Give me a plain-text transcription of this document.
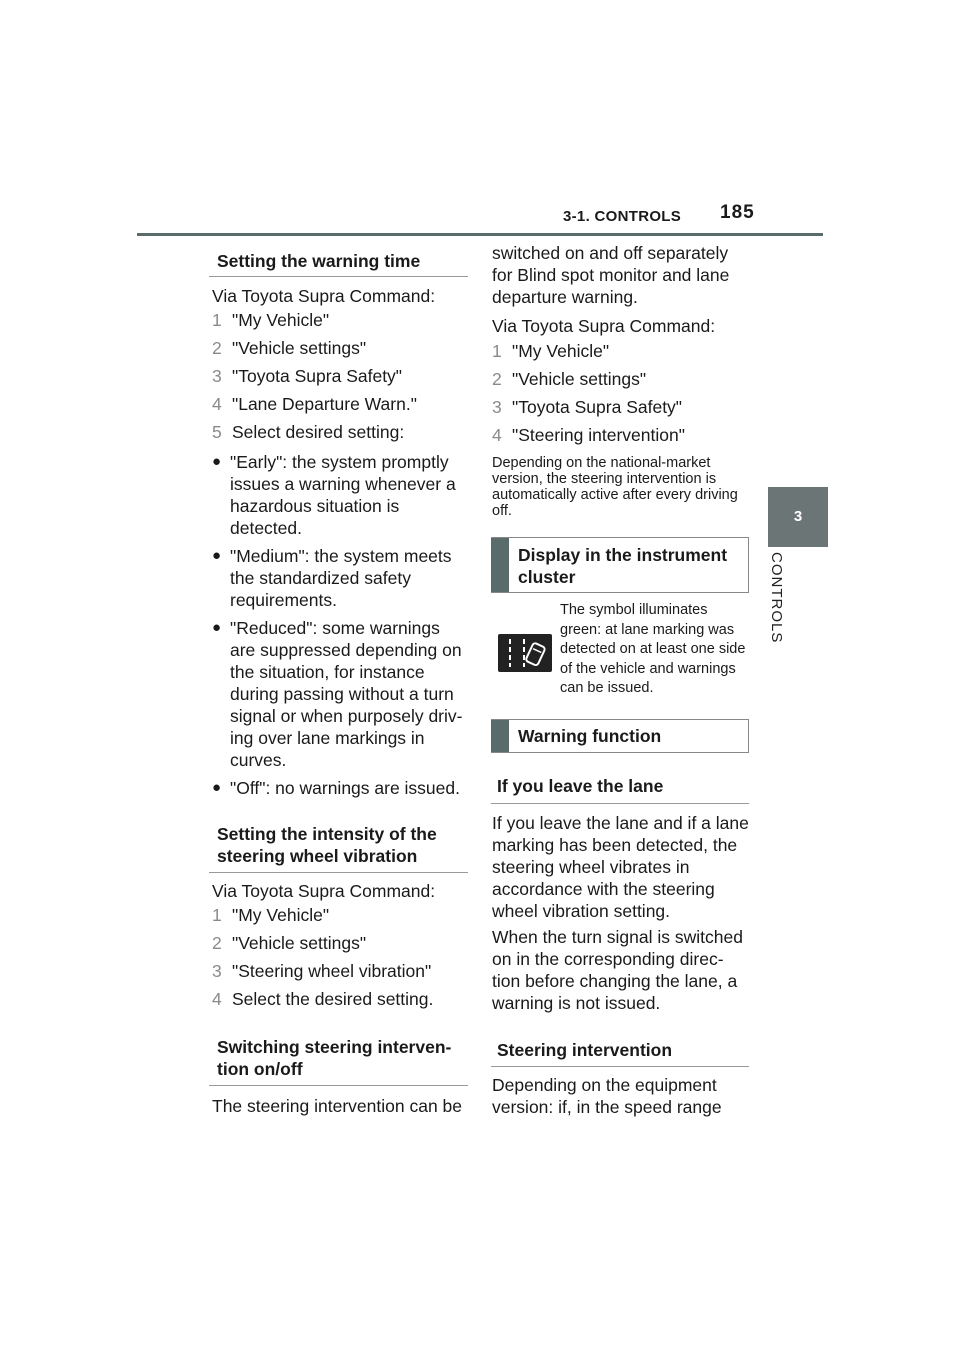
3-1. CONTROLS 185
3
CONTROLS
Setting the warning time
Via Toyota Supra Command:
1 "My Vehicle"
2 "Vehicle settings"
3 "Toyota Supra Safety"
4 "Lane Departure Warn."
5 Select desired setting:
● "Early": the system promptly issues a warning whenever a hazardous situation is detected.
● "Medium": the system meets the standardized safety requirements.
● "Reduced": some warnings are suppressed depending on the situation, for instance during passing without a turn signal or when purposely driv-ing over lane markings in curves.
● "Off": no warnings are issued.
Setting the intensity of the steering wheel vibration
Via Toyota Supra Command:
1 "My Vehicle"
2 "Vehicle settings"
3 "Steering wheel vibration"
4 Select the desired setting.
Switching steering interven-tion on/off
The steering intervention can be
switched on and off separately for Blind spot monitor and lane departure warning.
Via Toyota Supra Command:
1 "My Vehicle"
2 "Vehicle settings"
3 "Toyota Supra Safety"
4 "Steering intervention"
Depending on the national-market version, the steering intervention is automatically active after every driving off.
Display in the instrument cluster
The symbol illuminates green: at lane marking was detected on at least one side of the vehicle and warnings can be issued.
Warning function
If you leave the lane
If you leave the lane and if a lane marking has been detected, the steering wheel vibrates in accordance with the steering wheel vibration setting.
When the turn signal is switched on in the corresponding direc-tion before changing the lane, a warning is not issued.
Steering intervention
Depending on the equipment version: if, in the speed range
